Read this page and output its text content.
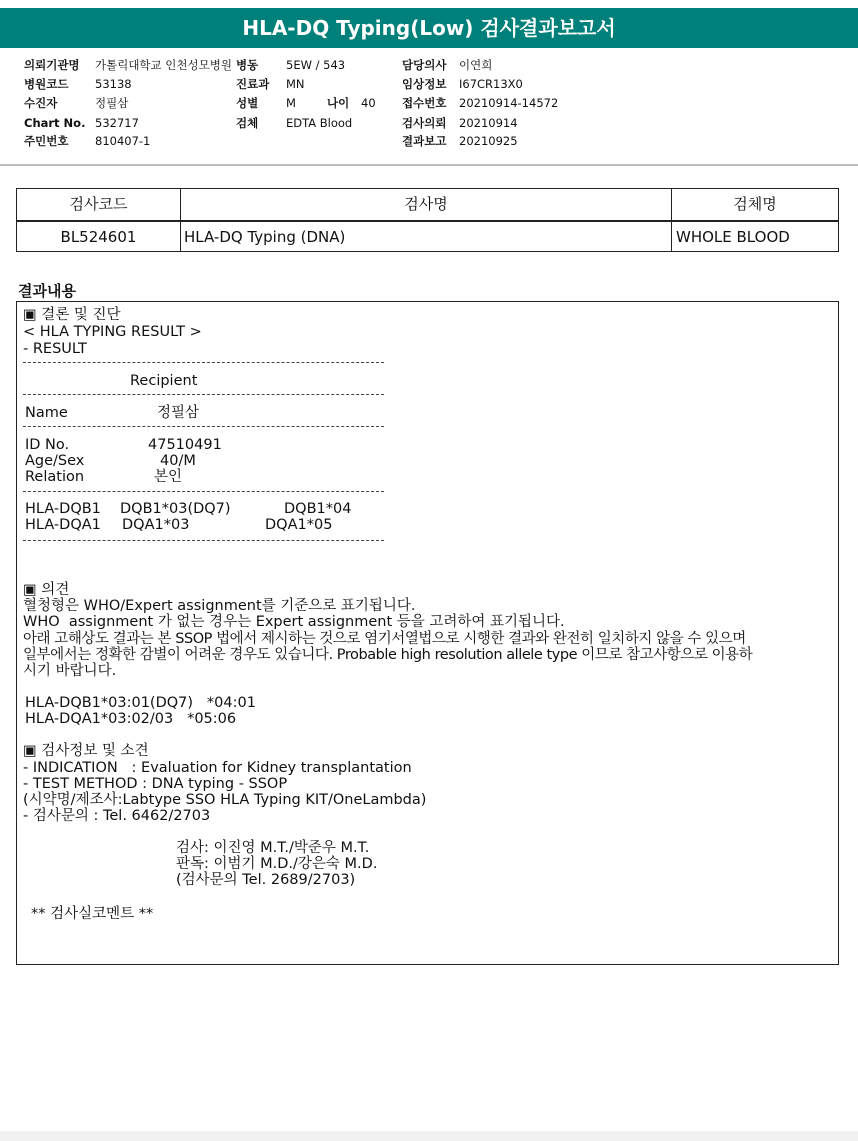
HLA-DQ Typing(Low) 검사결과보고서
의뢰기관명 가톨릭대학교 인천성모병원 병동 5EW / 543	담당의사 이연희
병원코드 53138	진료과 MN	임상정보 I67CR13X0
수진자	정필삼	성별 M	나이 40 접수번호 20210914-14572
Chart No. 532717	검체 EDTA Blood	검사의뢰 20210914
주민번호 810407-1	결과보고 20210925
검사코드	검사명	검체명
BL524601	HLA-DQ Typing (DNA)	WHOLE BLOOD
결과내용
▣ 결론 및 진단
< HLA TYPING RESULT >
- RESULT
Recipient
Name	정필삼
ID No.	47510491
Age/Sex	40/M
Relation	본인
HLA-DQB1 DQB1*03(DQ7)	DQB1*04
HLA-DQA1 DQA1*03	DQA1*05
▣ 의견
혈청형은 WHO/Expert assignment를 기준으로 표기됩니다.
WHO  assignment 가 없는 경우는 Expert assignment 등을 고려하여 표기됩니다.
아래 고해상도 결과는 본 SSOP 법에서 제시하는 것으로 염기서열법으로 시행한 결과와 완전히 일치하지 않을 수 있으며
일부에서는 정확한 감별이 어려운 경우도 있습니다. Probable high resolution allele type 이므로 참고사항으로 이용하
시기 바랍니다.
HLA-DQB1*03:01(DQ7)   *04:01
HLA-DQA1*03:02/03   *05:06
▣ 검사정보 및 소견
- INDICATION   : Evaluation for Kidney transplantation
- TEST METHOD : DNA typing - SSOP
(시약명/제조사:Labtype SSO HLA Typing KIT/OneLambda)
- 검사문의 : Tel. 6462/2703
검사: 이진영 M.T./박준우 M.T.
판독: 이범기 M.D./강은숙 M.D.
(검사문의 Tel. 2689/2703)
** 검사실코멘트 **
